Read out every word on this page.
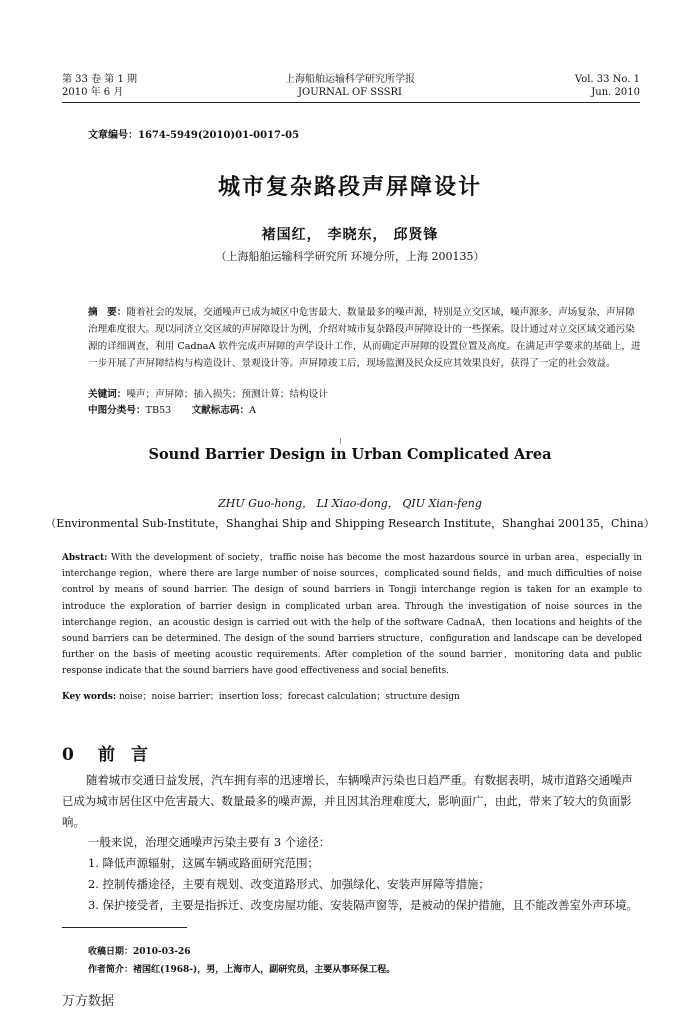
第 33 卷 第 1 期
2010 年 6 月
上海船舶运输科学研究所学报
JOURNAL OF SSSRI
Vol. 33 No. 1
Jun. 2010
文章编号：1674-5949(2010)01-0017-05
城市复杂路段声屏障设计
褚国红， 李晓东， 邱贤锋
（上海船舶运输科学研究所 环境分所，上海 200135）
摘　要：随着社会的发展，交通噪声已成为城区中危害最大、数量最多的噪声源，特别是立交区域，噪声源多，声场复杂，声屏障治理难度很大。现以同济立交区域的声屏障设计为例，介绍对城市复杂路段声屏障设计的一些探索。设计通过对立交区域交通污染源的详细调查，利用 CadnaA 软件完成声屏障的声学设计工作，从而确定声屏障的设置位置及高度。在满足声学要求的基础上，进一步开展了声屏障结构与构造设计、景观设计等。声屏障竣工后，现场监测及民众反应其效果良好，获得了一定的社会效益。
关键词：噪声；声屏障；插入损失；预测计算；结构设计
中图分类号：TB53 文献标志码：A
Sound Barrier Design in Urban Complicated Area
ZHU Guo-hong， LI Xiao-dong， QIU Xian-feng
（Environmental Sub-Institute，Shanghai Ship and Shipping Research Institute，Shanghai 200135，China）
Abstract: With the development of society，traffic noise has become the most hazardous source in urban area，especially in interchange region，where there are large number of noise sources，complicated sound fields，and much difficulties of noise control by means of sound barrier. The design of sound barriers in Tongji interchange region is taken for an example to introduce the exploration of barrier design in complicated urban area. Through the investigation of noise sources in the interchange region，an acoustic design is carried out with the help of the software CadnaA，then locations and heights of the sound barriers can be determined. The design of the sound barriers structure，configuration and landscape can be developed further on the basis of meeting acoustic requirements. After completion of the sound barrier，monitoring data and public response indicate that the sound barriers have good effectiveness and social benefits.
Key words: noise；noise barrier；insertion loss；forecast calculation；structure design
0 前言
随着城市交通日益发展，汽车拥有率的迅速增长，车辆噪声污染也日趋严重。有数据表明，城市道路交通噪声已成为城市居住区中危害最大、数量最多的噪声源，并且因其治理难度大，影响面广，由此，带来了较大的负面影响。
一般来说，治理交通噪声污染主要有 3 个途径：
1. 降低声源辐射，这属车辆或路面研究范围；
2. 控制传播途径，主要有规划、改变道路形式、加强绿化、安装声屏障等措施；
3. 保护接受者，主要是指拆迁、改变房屋功能、安装隔声窗等，是被动的保护措施，且不能改善室外声环境。
收稿日期：2010-03-26
作者简介：褚国红(1968-)，男，上海市人，副研究员，主要从事环保工程。
万方数据
